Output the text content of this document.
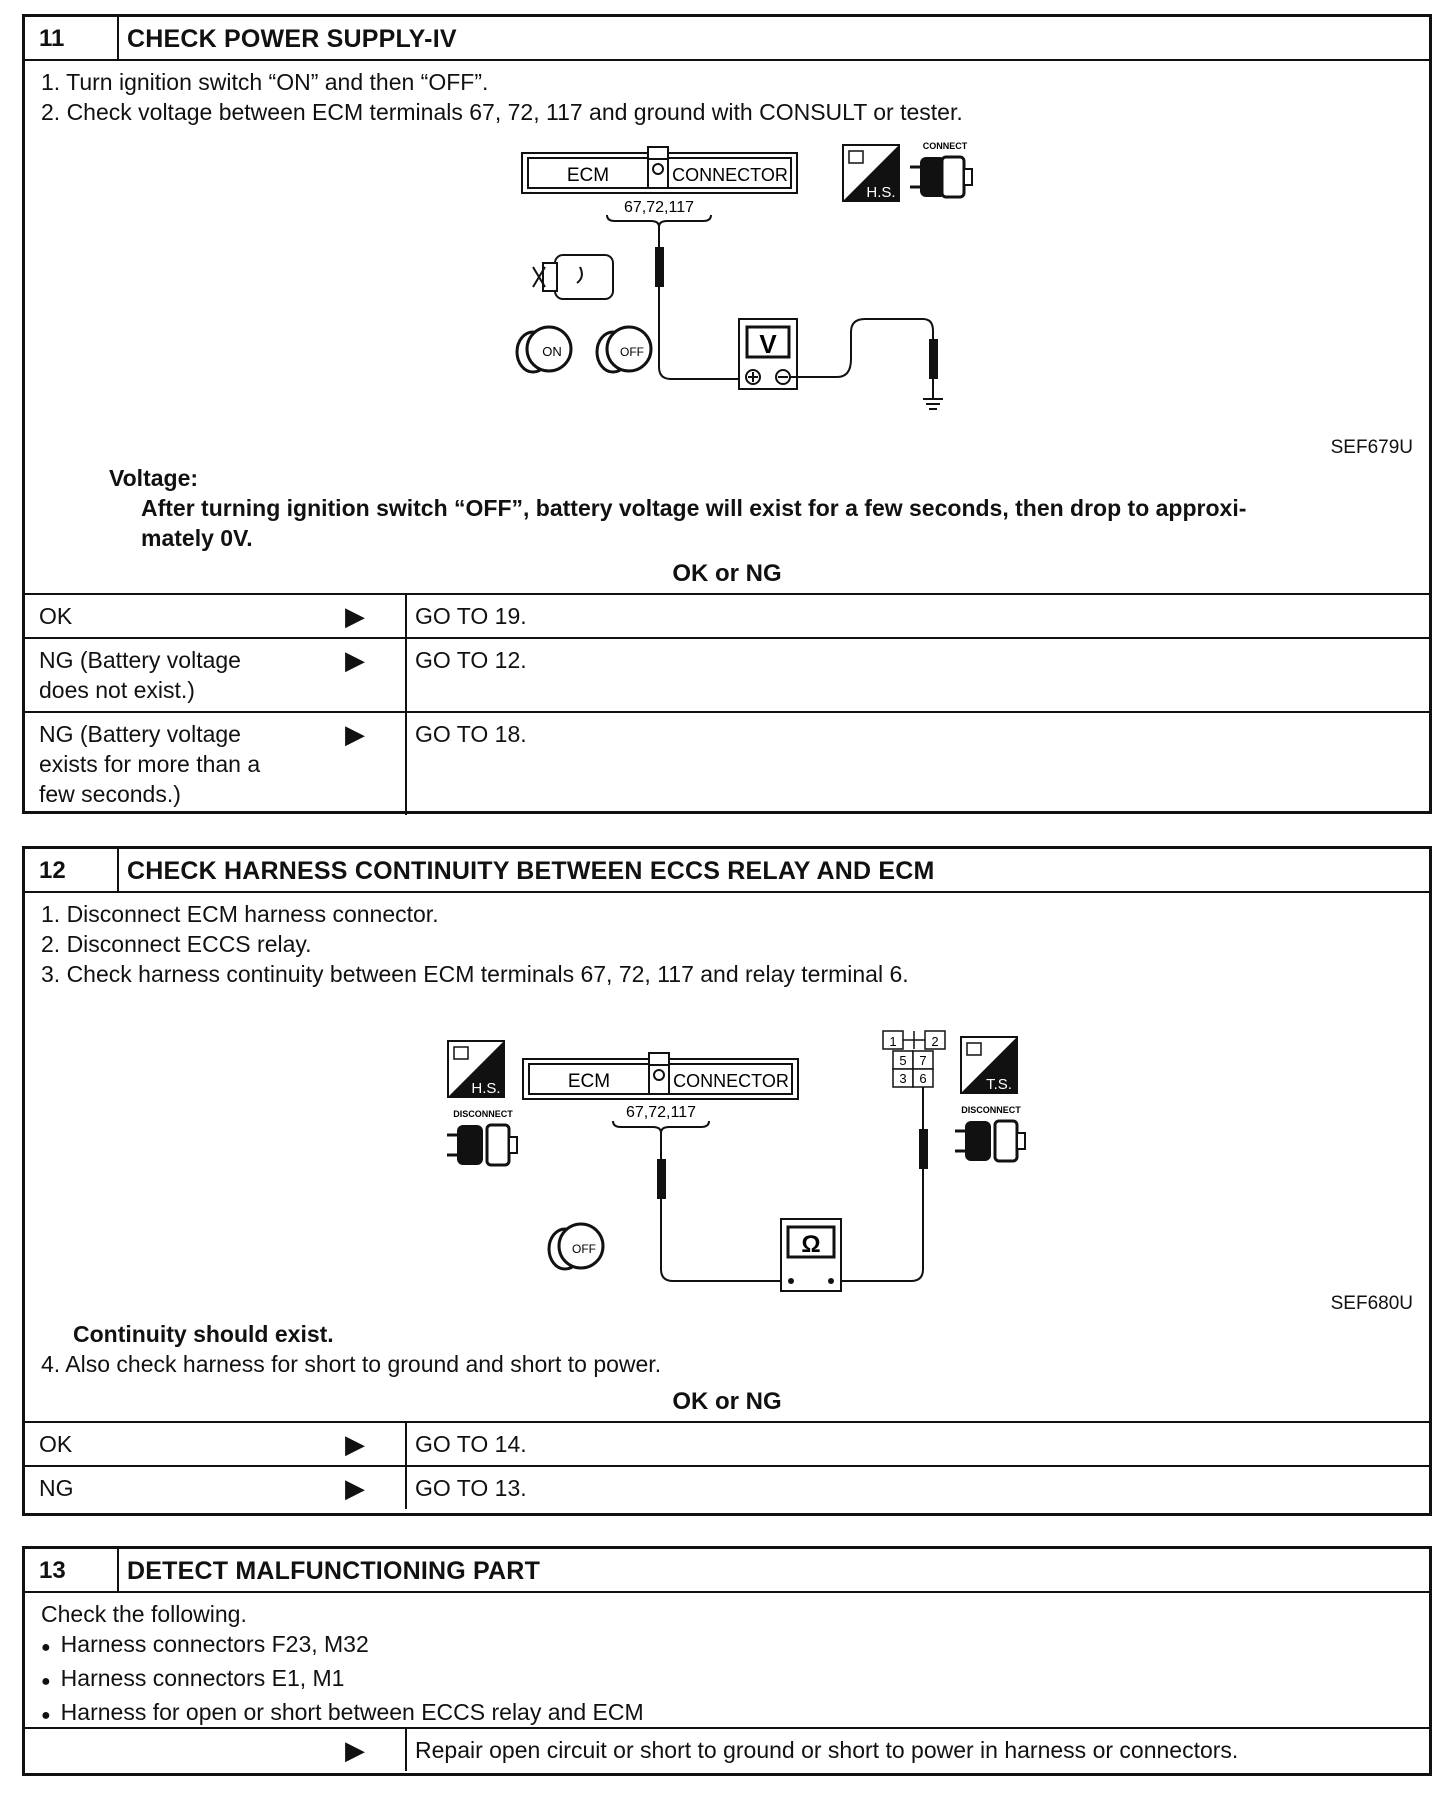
11	CHECK POWER SUPPLY-IV
1. Turn ignition switch “ON” and then “OFF”.
2. Check voltage between ECM terminals 67, 72, 117 and ground with CONSULT or tester.
ECM	CONNECTOR
67,72,117
V
H.S.
CONNECT
ON	OFF
SEF679U
Voltage:
After turning ignition switch “OFF”, battery voltage will exist for a few seconds, then drop to approxi-
mately 0V.
OK or NG
OK	▶	GO TO 19.
NG (Battery voltage
does not exist.)
▶	GO TO 12.
NG (Battery voltage
exists for more than a
few seconds.)
▶	GO TO 18.
12	CHECK HARNESS CONTINUITY BETWEEN ECCS RELAY AND ECM
1. Disconnect ECM harness connector.
2. Disconnect ECCS relay.
3. Check harness continuity between ECM terminals 67, 72, 117 and relay terminal 6.
H.S.	ECM	CONNECTOR
67,72,117
DISCONNECT
1	2
5 7
3 6	T.S.
DISCONNECT
Ω
OFF
SEF680U
Continuity should exist.
4. Also check harness for short to ground and short to power.
OK or NG
OK	▶	GO TO 14.
NG	▶	GO TO 13.
13	DETECT MALFUNCTIONING PART
Check the following.
● Harness connectors F23, M32
● Harness connectors E1, M1
● Harness for open or short between ECCS relay and ECM
▶	Repair open circuit or short to ground or short to power in harness or connectors.
